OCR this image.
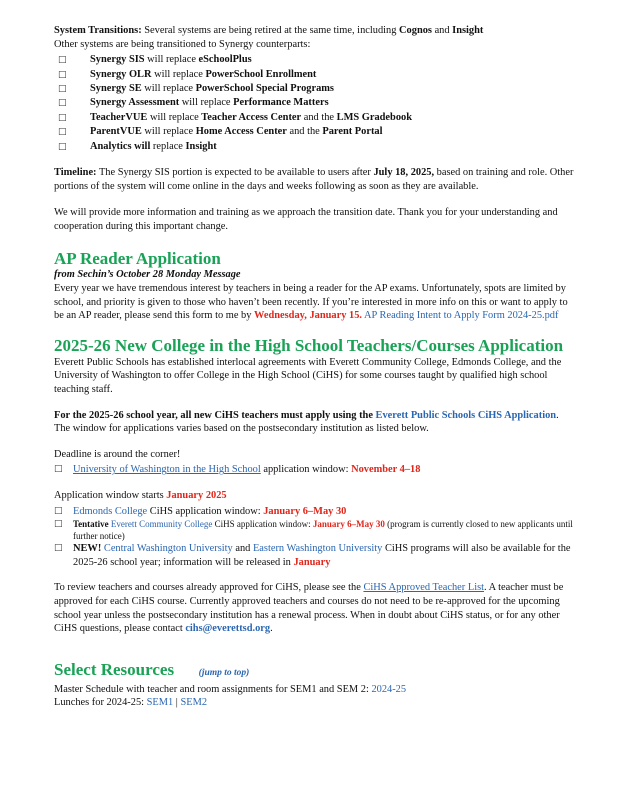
System Transitions: Several systems are being retired at the same time, including Cognos and Insight

Other systems are being transitioned to Synergy counterparts:

□ Synergy SIS will replace eSchoolPlus
□ Synergy OLR will replace PowerSchool Enrollment
□ Synergy SE will replace PowerSchool Special Programs
□ Synergy Assessment will replace Performance Matters
□ TeacherVUE will replace Teacher Access Center and the LMS Gradebook
□ ParentVUE will replace Home Access Center and the Parent Portal
□ Analytics will replace Insight

Timeline: The Synergy SIS portion is expected to be available to users after July 18, 2025, based on training and role. Other portions of the system will come online in the days and weeks following as soon as they are available.

We will provide more information and training as we approach the transition date. Thank you for your understanding and cooperation during this important change.

AP Reader Application

from Sechin’s October 28 Monday Message

Every year we have tremendous interest by teachers in being a reader for the AP exams. Unfortunately, spots are limited by school, and priority is given to those who haven’t been recently. If you’re interested in more info on this or want to apply to be an AP reader, please send this form to me by Wednesday, January 15. AP Reading Intent to Apply Form 2024-25.pdf

2025-26 New College in the High School Teachers/Courses Application

Everett Public Schools has established interlocal agreements with Everett Community College, Edmonds College, and the University of Washington to offer College in the High School (CiHS) for some courses taught by qualified high school teaching staff.

For the 2025-26 school year, all new CiHS teachers must apply using the Everett Public Schools CiHS Application. The window for applications varies based on the postsecondary institution as listed below.

Deadline is around the corner!

□ University of Washington in the High School application window: November 4–18

Application window starts January 2025

□ Edmonds College CiHS application window: January 6–May 30
□ Tentative Everett Community College CiHS application window: January 6–May 30 (program is currently closed to new applicants until further notice)
□ NEW! Central Washington University and Eastern Washington University CiHS programs will also be available for the 2025-26 school year; information will be released in January

To review teachers and courses already approved for CiHS, please see the CiHS Approved Teacher List. A teacher must be approved for each CiHS course. Currently approved teachers and courses do not need to be re-approved for the upcoming school year unless the postsecondary institution has a renewal process. When in doubt about CiHS status, or for any other CiHS questions, please contact cihs@everettsd.org.

Select Resources	(jump to top)

Master Schedule with teacher and room assignments for SEM1 and SEM 2: 2024-25

Lunches for 2024-25: SEM1 | SEM2
